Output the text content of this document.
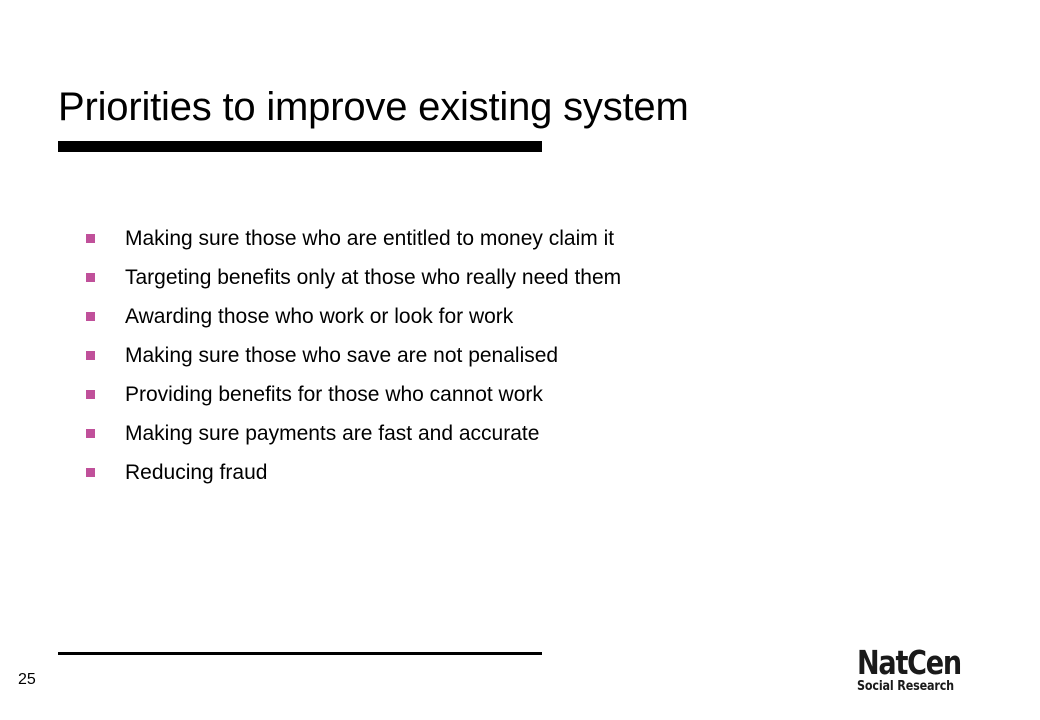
Priorities to improve existing system
Making sure those who are entitled to money claim it
Targeting benefits only at those who really need them
Awarding those who work or look for work
Making sure those who save are not penalised
Providing benefits for those who cannot work
Making sure payments are fast and accurate
Reducing fraud
25	NatCen
Social Research
